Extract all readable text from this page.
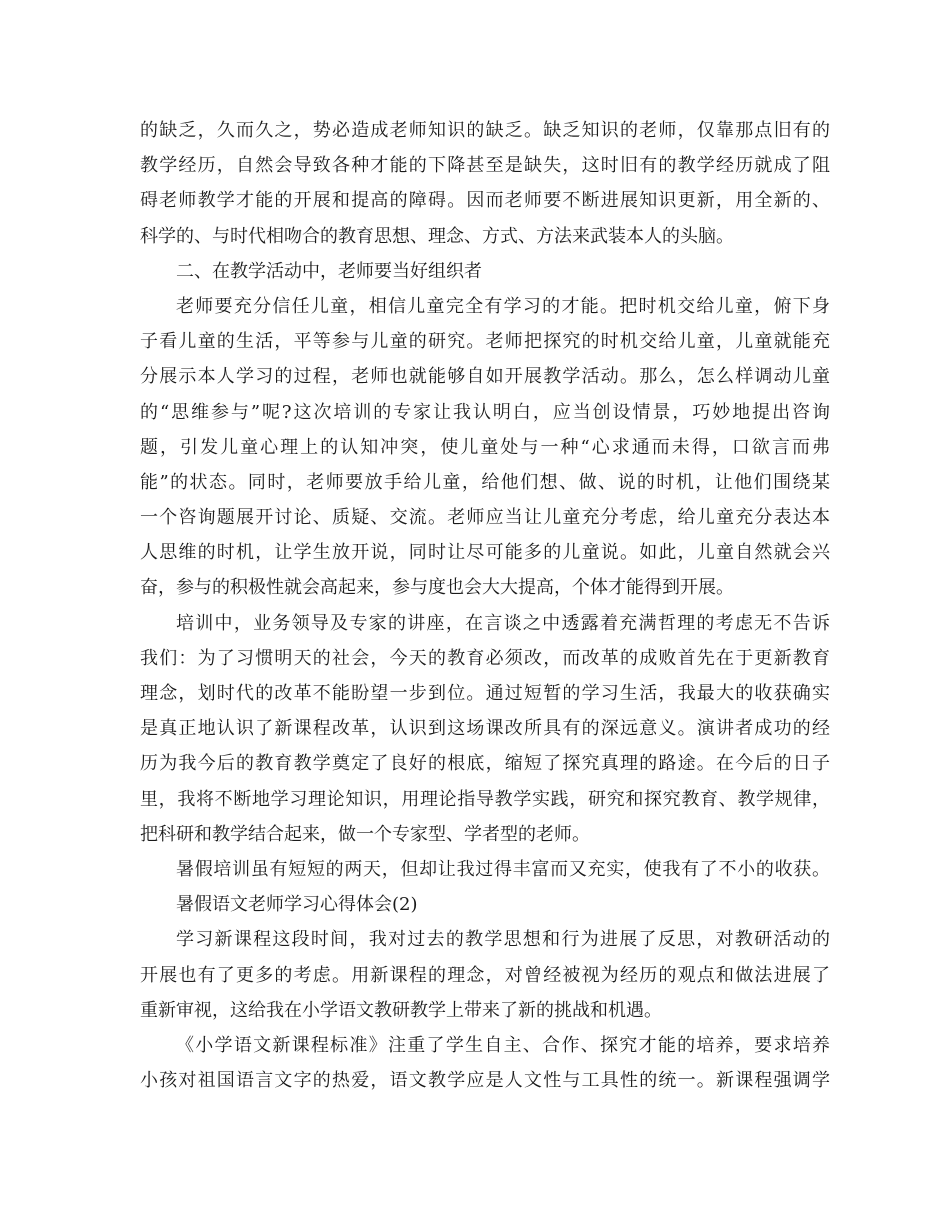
的缺乏，久而久之，势必造成老师知识的缺乏。缺乏知识的老师，仅靠那点旧有的
教学经历，自然会导致各种才能的下降甚至是缺失，这时旧有的教学经历就成了阻
碍老师教学才能的开展和提高的障碍。因而老师要不断进展知识更新，用全新的、
科学的、与时代相吻合的教育思想、理念、方式、方法来武装本人的头脑。
二、在教学活动中，老师要当好组织者
老师要充分信任儿童，相信儿童完全有学习的才能。把时机交给儿童，俯下身
子看儿童的生活，平等参与儿童的研究。老师把探究的时机交给儿童，儿童就能充
分展示本人学习的过程，老师也就能够自如开展教学活动。那么，怎么样调动儿童
的“思维参与”呢?这次培训的专家让我认明白，应当创设情景，巧妙地提出咨询
题，引发儿童心理上的认知冲突，使儿童处与一种“心求通而未得，口欲言而弗
能”的状态。同时，老师要放手给儿童，给他们想、做、说的时机，让他们围绕某
一个咨询题展开讨论、质疑、交流。老师应当让儿童充分考虑，给儿童充分表达本
人思维的时机，让学生放开说，同时让尽可能多的儿童说。如此，儿童自然就会兴
奋，参与的积极性就会高起来，参与度也会大大提高，个体才能得到开展。
培训中，业务领导及专家的讲座，在言谈之中透露着充满哲理的考虑无不告诉
我们：为了习惯明天的社会，今天的教育必须改，而改革的成败首先在于更新教育
理念，划时代的改革不能盼望一步到位。通过短暂的学习生活，我最大的收获确实
是真正地认识了新课程改革，认识到这场课改所具有的深远意义。演讲者成功的经
历为我今后的教育教学奠定了良好的根底，缩短了探究真理的路途。在今后的日子
里，我将不断地学习理论知识，用理论指导教学实践，研究和探究教育、教学规律，
把科研和教学结合起来，做一个专家型、学者型的老师。
暑假培训虽有短短的两天，但却让我过得丰富而又充实，使我有了不小的收获。
暑假语文老师学习心得体会(2)
学习新课程这段时间，我对过去的教学思想和行为进展了反思，对教研活动的
开展也有了更多的考虑。用新课程的理念，对曾经被视为经历的观点和做法进展了
重新审视，这给我在小学语文教研教学上带来了新的挑战和机遇。
《小学语文新课程标准》注重了学生自主、合作、探究才能的培养，要求培养
小孩对祖国语言文字的热爱，语文教学应是人文性与工具性的统一。新课程强调学
